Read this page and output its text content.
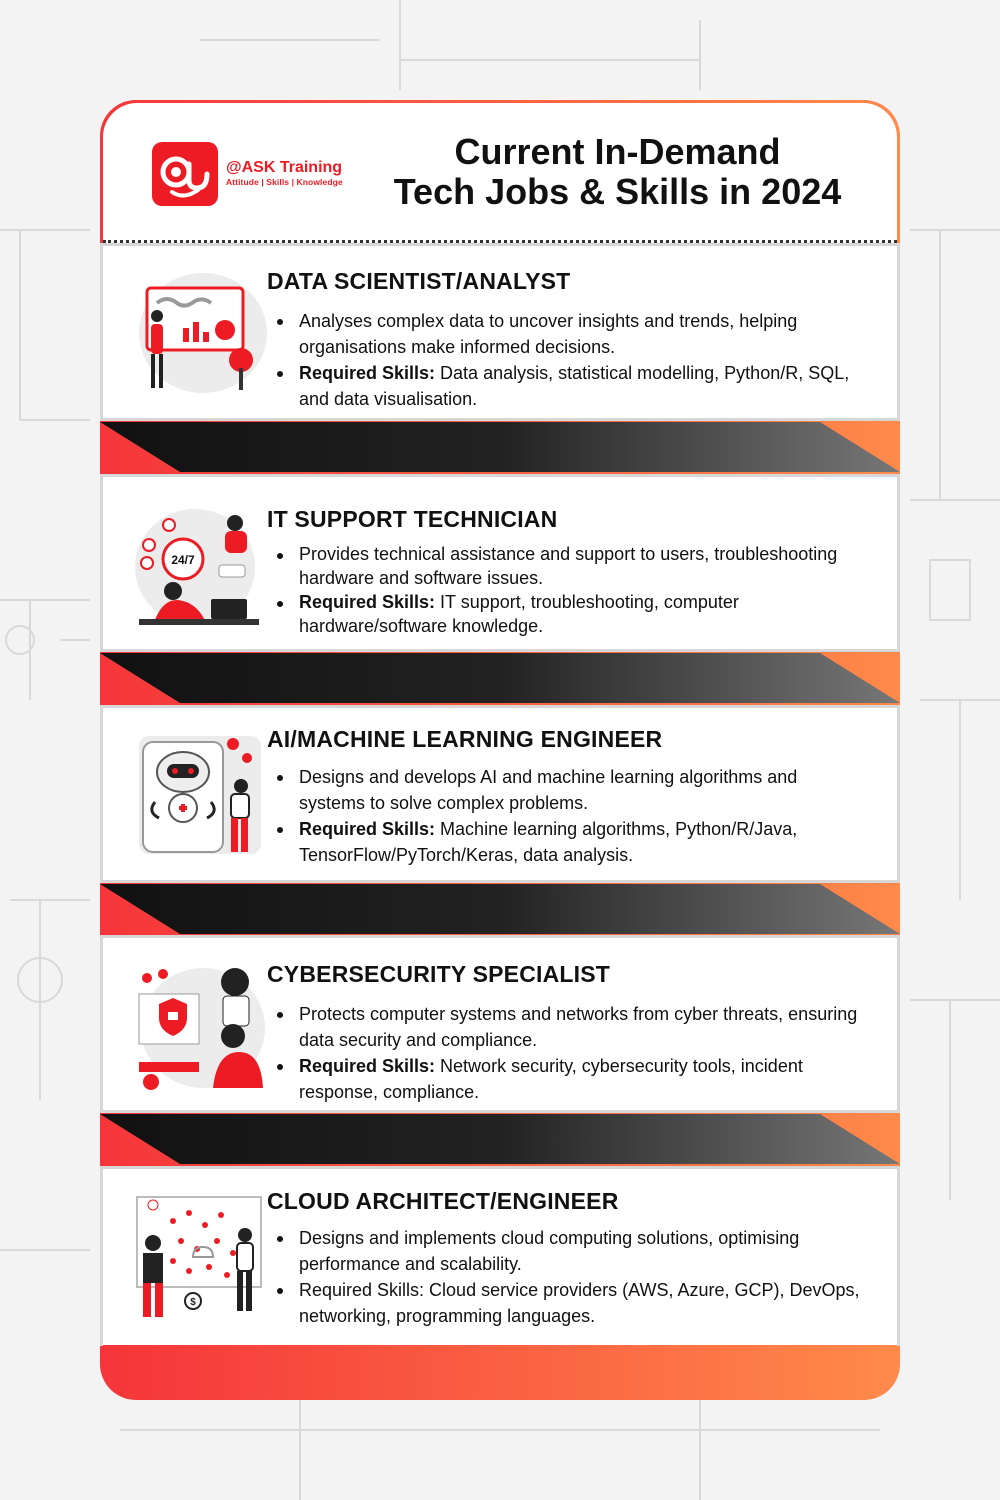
@ASK Training
Attitude | Skills | Knowledge
Current In-Demand
Tech Jobs & Skills in 2024
DATA SCIENTIST/ANALYST
Analyses complex data to uncover insights and trends, helping organisations make informed decisions.
Required Skills: Data analysis, statistical modelling, Python/R, SQL, and data visualisation.
24/7
IT SUPPORT TECHNICIAN
Provides technical assistance and support to users, troubleshooting hardware and software issues.
Required Skills: IT support, troubleshooting, computer hardware/software knowledge.
AI/MACHINE LEARNING ENGINEER
Designs and develops AI and machine learning algorithms and systems to solve complex problems.
Required Skills: Machine learning algorithms, Python/R/Java, TensorFlow/PyTorch/Keras, data analysis.
CYBERSECURITY SPECIALIST
Protects computer systems and networks from cyber threats, ensuring data security and compliance.
Required Skills: Network security, cybersecurity tools, incident response, compliance.
$
CLOUD ARCHITECT/ENGINEER
Designs and implements cloud computing solutions, optimising performance and scalability.
Required Skills: Cloud service providers (AWS, Azure, GCP), DevOps, networking, programming languages.
